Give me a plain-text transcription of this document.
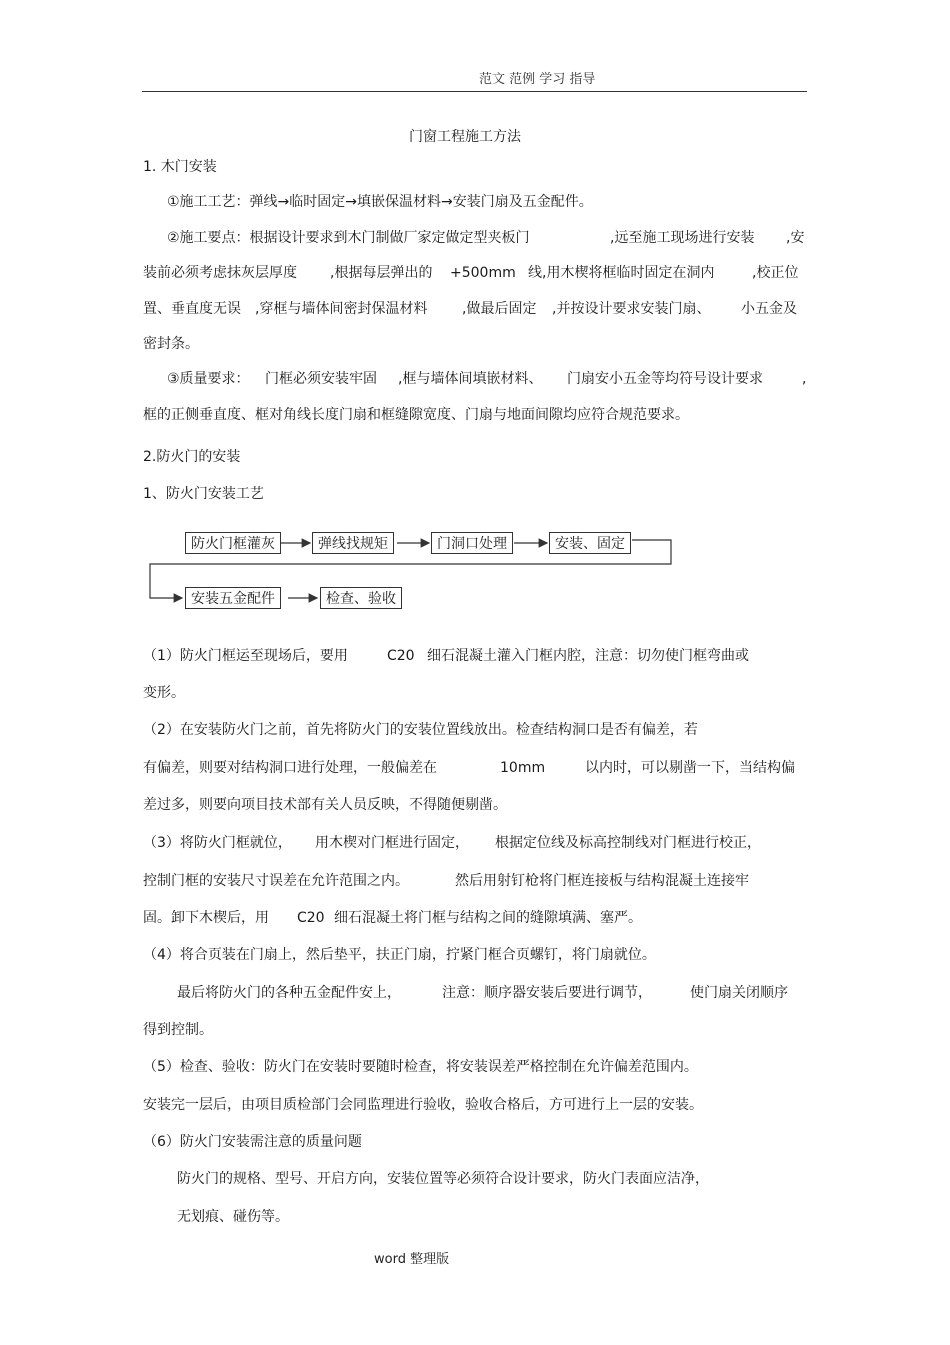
范文 范例 学习 指导
门窗工程施工方法
1. 木门安装
①施工工艺：弹线→临时固定→填嵌保温材料→安装门扇及五金配件。
②施工要点：根据设计要求到木门制做厂家定做定型夹板门	,远至施工现场进行安装 ,安
装前必须考虑抹灰层厚度 ,根据每层弹出的 +500mm 线,用木楔将框临时固定在洞内	,校正位
置、垂直度无误 ,穿框与墙体间密封保温材料 ,做最后固定 ,并按设计要求安装门扇、 小五金及
密封条。
③质量要求： 门框必须安装牢固 ,框与墙体间填嵌材料、 门扇安小五金等均符号设计要求	,
框的正侧垂直度、框对角线长度门扇和框缝隙宽度、门扇与地面间隙均应符合规范要求。
2.防火门的安装
1、防火门安装工艺
防火门框灌灰	弹线找规矩	门洞口处理	安装、固定
安装五金配件	检查、验收
（1）防火门框运至现场后，要用	C20 细石混凝土灌入门框内腔，注意：切勿使门框弯曲或
变形。
（2）在安装防火门之前，首先将防火门的安装位置线放出。检查结构洞口是否有偏差，若
有偏差，则要对结构洞口进行处理，一般偏差在	10mm	以内时，可以剔凿一下，当结构偏
差过多，则要向项目技术部有关人员反映，不得随便剔凿。
（3）将防火门框就位， 用木楔对门框进行固定， 根据定位线及标高控制线对门框进行校正，
控制门框的安装尺寸误差在允许范围之内。	然后用射钉枪将门框连接板与结构混凝土连接牢
固。卸下木楔后，用 C20 细石混凝土将门框与结构之间的缝隙填满、塞严。
（4）将合页装在门扇上，然后垫平，扶正门扇，拧紧门框合页螺钉，将门扇就位。
最后将防火门的各种五金配件安上，	注意：顺序器安装后要进行调节，	使门扇关闭顺序
得到控制。
（5）检查、验收：防火门在安装时要随时检查，将安装误差严格控制在允许偏差范围内。
安装完一层后，由项目质检部门会同监理进行验收，验收合格后，方可进行上一层的安装。
（6）防火门安装需注意的质量问题
防火门的规格、型号、开启方向，安装位置等必须符合设计要求，防火门表面应洁净，
无划痕、碰伤等。
word 整理版
